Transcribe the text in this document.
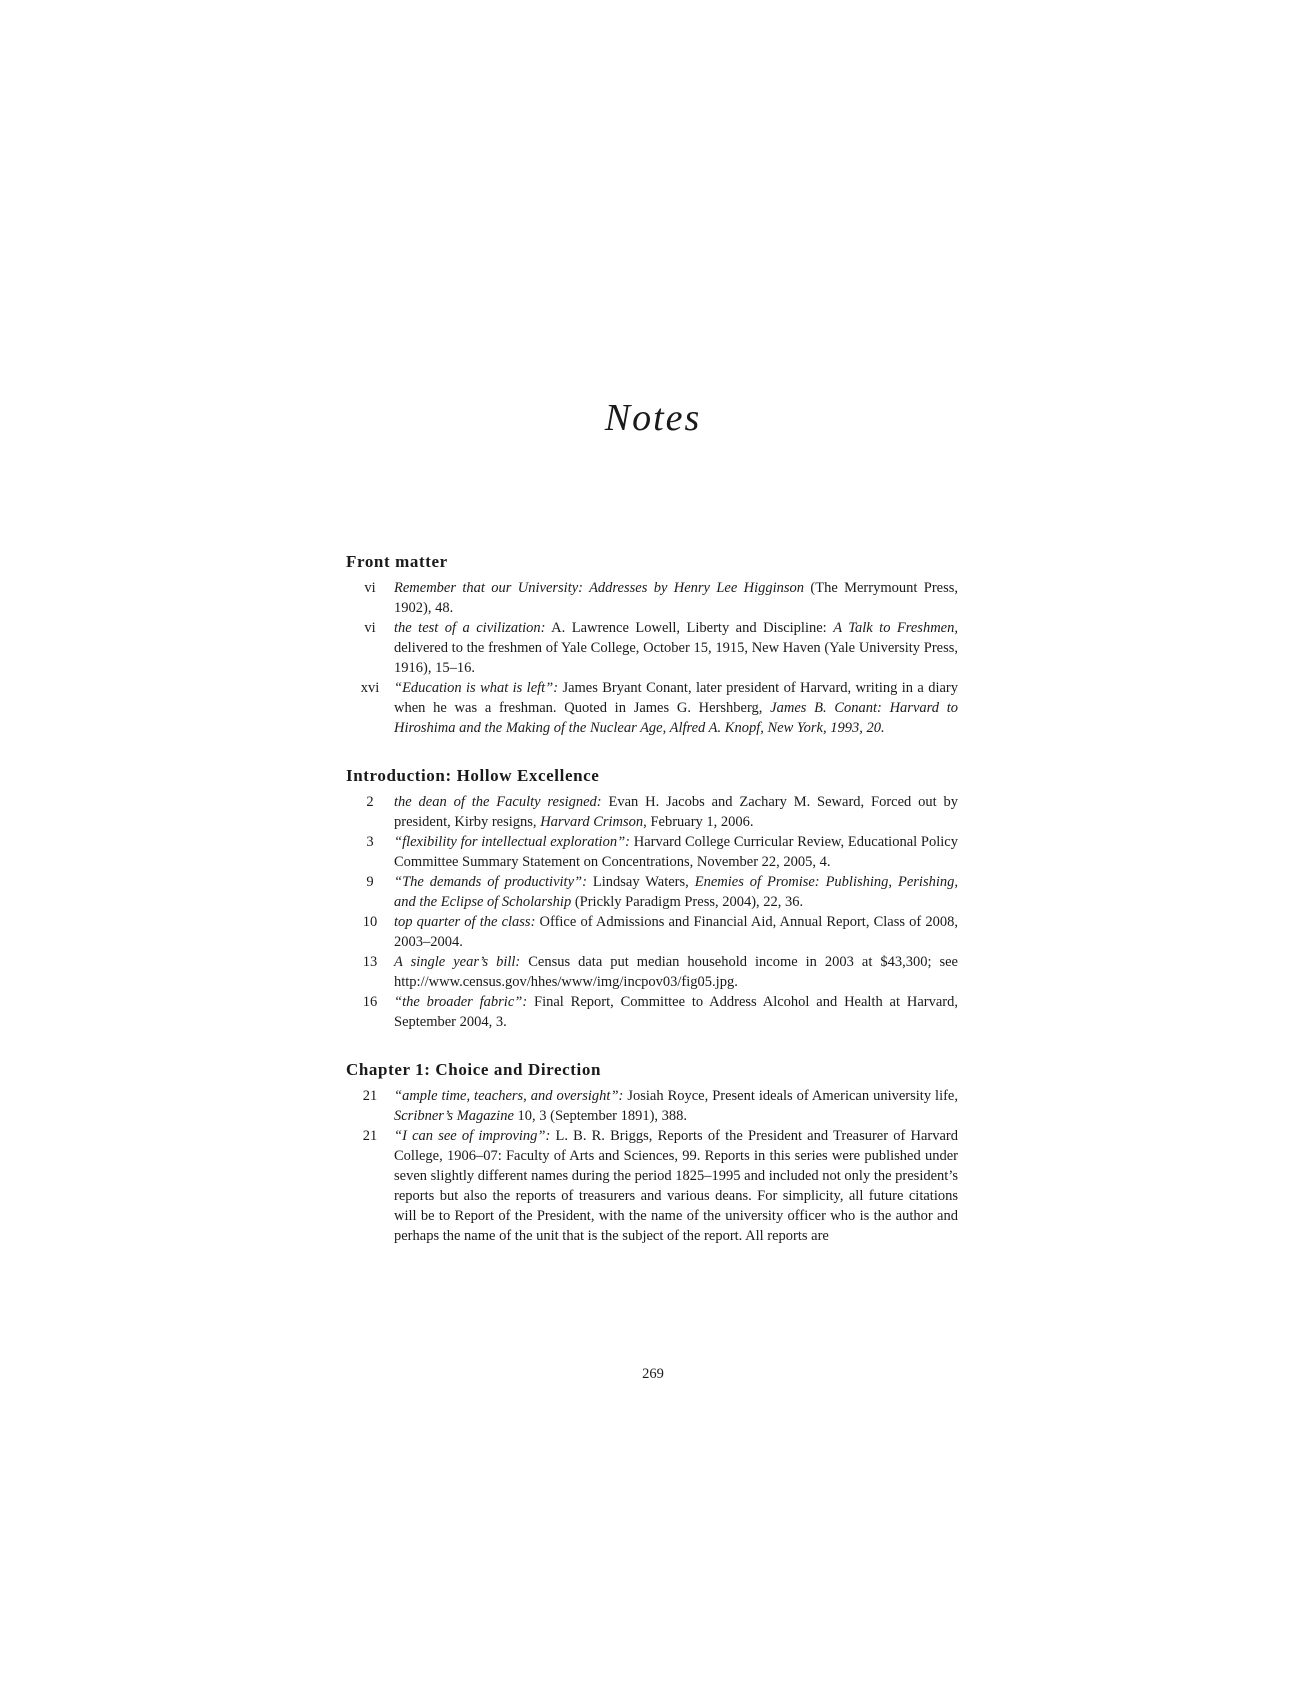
Notes
Front matter
vi	Remember that our University: Addresses by Henry Lee Higginson (The Merrymount Press, 1902), 48.
vi	the test of a civilization: A. Lawrence Lowell, Liberty and Discipline: A Talk to Freshmen, delivered to the freshmen of Yale College, October 15, 1915, New Haven (Yale University Press, 1916), 15–16.
xvi	“Education is what is left”: James Bryant Conant, later president of Harvard, writing in a diary when he was a freshman. Quoted in James G. Hershberg, James B. Conant: Harvard to Hiroshima and the Making of the Nuclear Age, Alfred A. Knopf, New York, 1993, 20.
Introduction: Hollow Excellence
2	the dean of the Faculty resigned: Evan H. Jacobs and Zachary M. Seward, Forced out by president, Kirby resigns, Harvard Crimson, February 1, 2006.
3	“flexibility for intellectual exploration”: Harvard College Curricular Review, Educational Policy Committee Summary Statement on Concentrations, November 22, 2005, 4.
9	“The demands of productivity”: Lindsay Waters, Enemies of Promise: Publishing, Perishing, and the Eclipse of Scholarship (Prickly Paradigm Press, 2004), 22, 36.
10	top quarter of the class: Office of Admissions and Financial Aid, Annual Report, Class of 2008, 2003–2004.
13	A single year’s bill: Census data put median household income in 2003 at $43,300; see http://www.census.gov/hhes/www/img/incpov03/fig05.jpg.
16	“the broader fabric”: Final Report, Committee to Address Alcohol and Health at Harvard, September 2004, 3.
Chapter 1: Choice and Direction
21	“ample time, teachers, and oversight”: Josiah Royce, Present ideals of American university life, Scribner’s Magazine 10, 3 (September 1891), 388.
21	“I can see of improving”: L. B. R. Briggs, Reports of the President and Treasurer of Harvard College, 1906–07: Faculty of Arts and Sciences, 99. Reports in this series were published under seven slightly different names during the period 1825–1995 and included not only the president’s reports but also the reports of treasurers and various deans. For simplicity, all future citations will be to Report of the President, with the name of the university officer who is the author and perhaps the name of the unit that is the subject of the report. All reports are
269
